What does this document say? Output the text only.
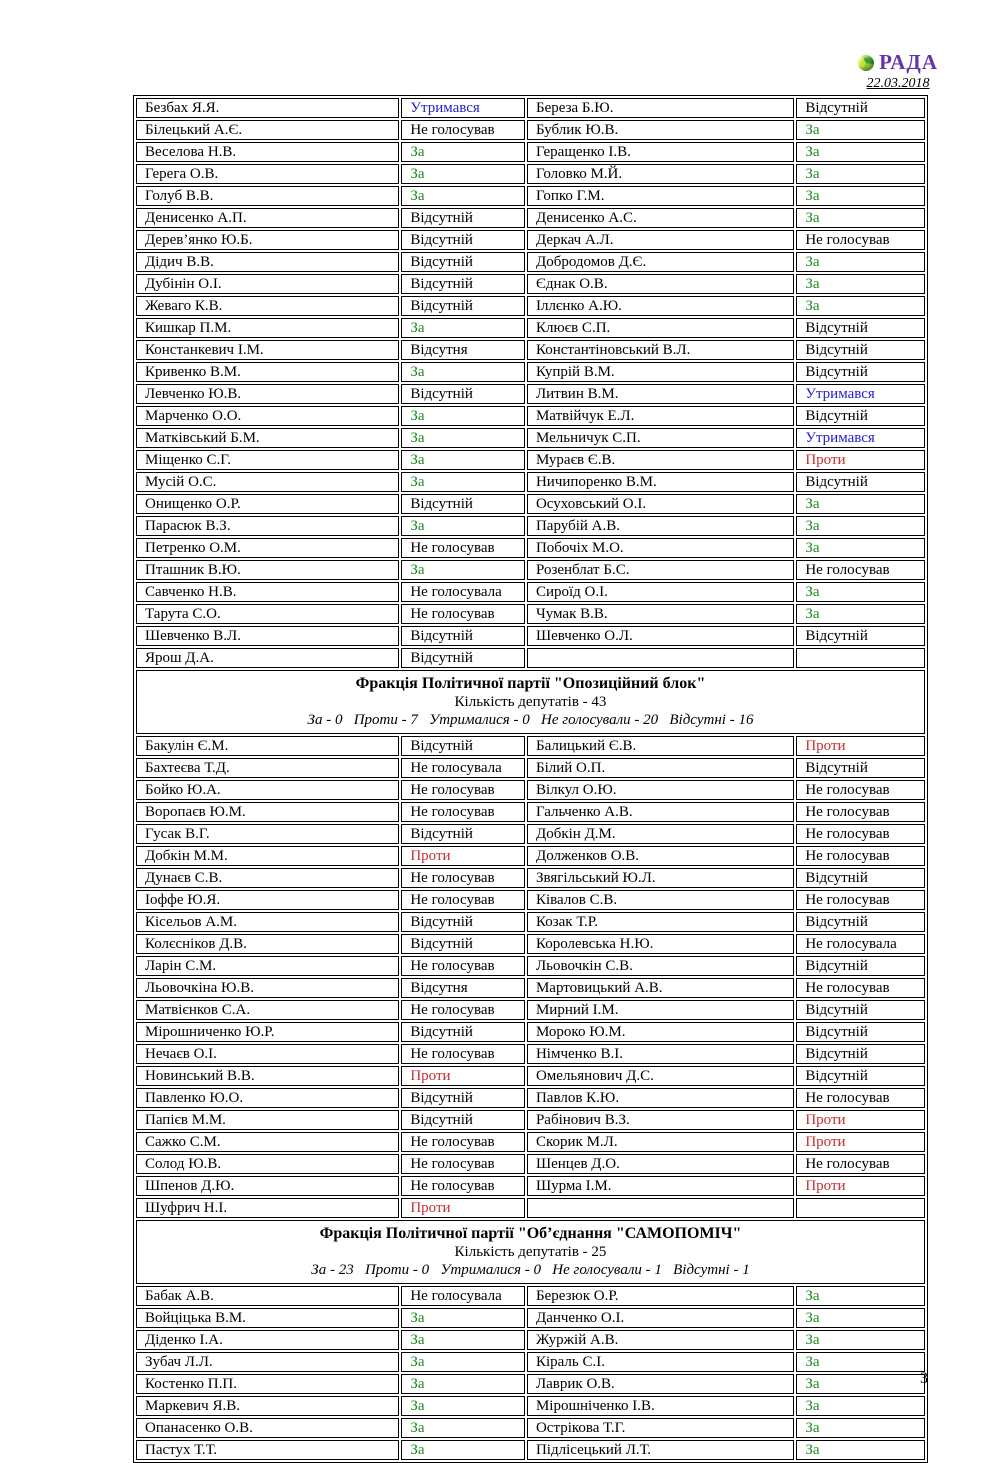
РАДА
22.03.2018
Безбах Я.Я.	Утримався	Береза Б.Ю.	Відсутній
Білецький А.Є.	Не голосував	Бублик Ю.В.	За
Веселова Н.В.	За	Геращенко І.В.	За
Герега О.В.	За	Головко М.Й.	За
Голуб В.В.	За	Гопко Г.М.	За
Денисенко А.П.	Відсутній	Денисенко А.С.	За
Дерев’янко Ю.Б.	Відсутній	Деркач А.Л.	Не голосував
Дідич В.В.	Відсутній	Добродомов Д.Є.	За
Дубінін О.І.	Відсутній	Єднак О.В.	За
Жеваго К.В.	Відсутній	Іллєнко А.Ю.	За
Кишкар П.М.	За	Клюєв С.П.	Відсутній
Констанкевич І.М.	Відсутня	Константіновський В.Л.	Відсутній
Кривенко В.М.	За	Купрій В.М.	Відсутній
Левченко Ю.В.	Відсутній	Литвин В.М.	Утримався
Марченко О.О.	За	Матвійчук Е.Л.	Відсутній
Матківський Б.М.	За	Мельничук С.П.	Утримався
Міщенко С.Г.	За	Мураєв Є.В.	Проти
Мусій О.С.	За	Ничипоренко В.М.	Відсутній
Онищенко О.Р.	Відсутній	Осуховський О.І.	За
Парасюк В.З.	За	Парубій А.В.	За
Петренко О.М.	Не голосував	Побочіх М.О.	За
Пташник В.Ю.	За	Розенблат Б.С.	Не голосував
Савченко Н.В.	Не голосувала	Сироїд О.І.	За
Тарута С.О.	Не голосував	Чумак В.В.	За
Шевченко В.Л.	Відсутній	Шевченко О.Л.	Відсутній
Ярош Д.А.	Відсутній		

Фракція Політичної партії "Опозиційний блок"
Кількість депутатів - 43
За - 0   Проти - 7   Утрималися - 0   Не голосували - 20   Відсутні - 16			

Бакулін Є.М.	Відсутній	Балицький Є.В.	Проти
Бахтеєва Т.Д.	Не голосувала	Білий О.П.	Відсутній
Бойко Ю.А.	Не голосував	Вілкул О.Ю.	Не голосував
Воропаєв Ю.М.	Не голосував	Гальченко А.В.	Не голосував
Гусак В.Г.	Відсутній	Добкін Д.М.	Не голосував
Добкін М.М.	Проти	Долженков О.В.	Не голосував
Дунаєв С.В.	Не голосував	Звягільський Ю.Л.	Відсутній
Іоффе Ю.Я.	Не голосував	Ківалов С.В.	Не голосував
Кісельов А.М.	Відсутній	Козак Т.Р.	Відсутній
Колєсніков Д.В.	Відсутній	Королевська Н.Ю.	Не голосувала
Ларін С.М.	Не голосував	Льовочкін С.В.	Відсутній
Льовочкіна Ю.В.	Відсутня	Мартовицький А.В.	Не голосував
Матвієнков С.А.	Не голосував	Мирний І.М.	Відсутній
Мірошниченко Ю.Р.	Відсутній	Мороко Ю.М.	Відсутній
Нечаєв О.І.	Не голосував	Німченко В.І.	Відсутній
Новинський В.В.	Проти	Омельянович Д.С.	Відсутній
Павленко Ю.О.	Відсутній	Павлов К.Ю.	Не голосував
Папієв М.М.	Відсутній	Рабінович В.З.	Проти
Сажко С.М.	Не голосував	Скорик М.Л.	Проти
Солод Ю.В.	Не голосував	Шенцев Д.О.	Не голосував
Шпенов Д.Ю.	Не голосував	Шурма І.М.	Проти
Шуфрич Н.І.	Проти		

Фракція Політичної партії "Об’єднання "САМОПОМІЧ"
Кількість депутатів - 25
За - 23   Проти - 0   Утрималися - 0   Не голосували - 1   Відсутні - 1			

Бабак А.В.	Не голосувала	Березюк О.Р.	За
Войціцька В.М.	За	Данченко О.І.	За
Діденко І.А.	За	Журжій А.В.	За
Зубач Л.Л.	За	Кіраль С.І.	За
Костенко П.П.	За	Лаврик О.В.	За
Маркевич Я.В.	За	Мірошніченко І.В.	За
Опанасенко О.В.	За	Острікова Т.Г.	За
Пастух Т.Т.	За	Підлісецький Л.Т.	За
3
